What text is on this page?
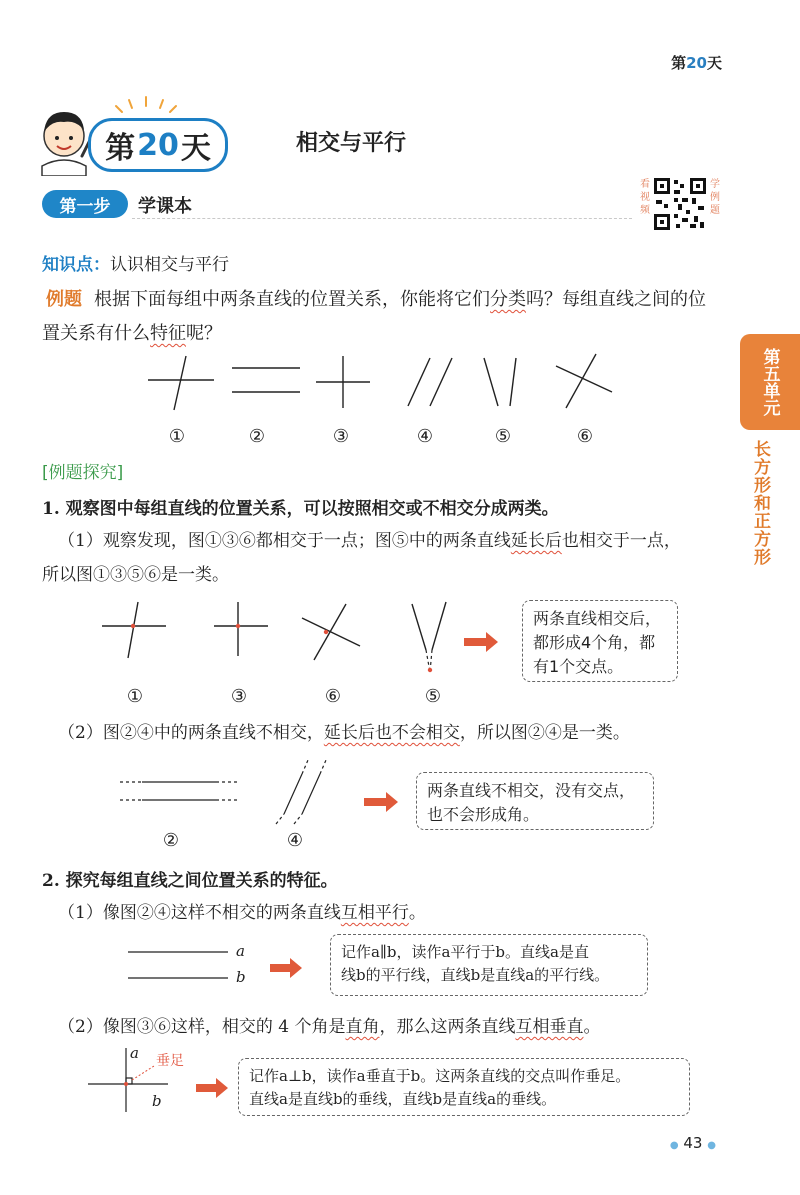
第20天
第 20 天	相交与平行
第一步	学课本
看视频
学例题
知识点：认识相交与平行
例题 根据下面每组中两条直线的位置关系，你能将它们分类吗？每组直线之间的位置关系有什么特征呢？
①	②	③	④	⑤	⑥
[例题探究]
1. 观察图中每组直线的位置关系，可以按照相交或不相交分成两类。
（1）观察发现，图①③⑥都相交于一点；图⑤中的两条直线延长后也相交于一点，
所以图①③⑤⑥是一类。
①	③	⑥	⑤
两条直线相交后，
都形成4个角，都
有1个交点。
（2）图②④中的两条直线不相交，延长后也不会相交，所以图②④是一类。
②	④
两条直线不相交，没有交点，
也不会形成角。
2. 探究每组直线之间位置关系的特征。
（1）像图②④这样不相交的两条直线互相平行。
a
b
记作a∥b，读作a平行于b。直线a是直
线b的平行线，直线b是直线a的平行线。
（2）像图③⑥这样，相交的 4 个角是直角，那么这两条直线互相垂直。
a
b
垂足
记作a⊥b，读作a垂直于b。这两条直线的交点叫作垂足。
直线a是直线b的垂线，直线b是直线a的垂线。
第五单元
长方形和正方形
● 43 ●
